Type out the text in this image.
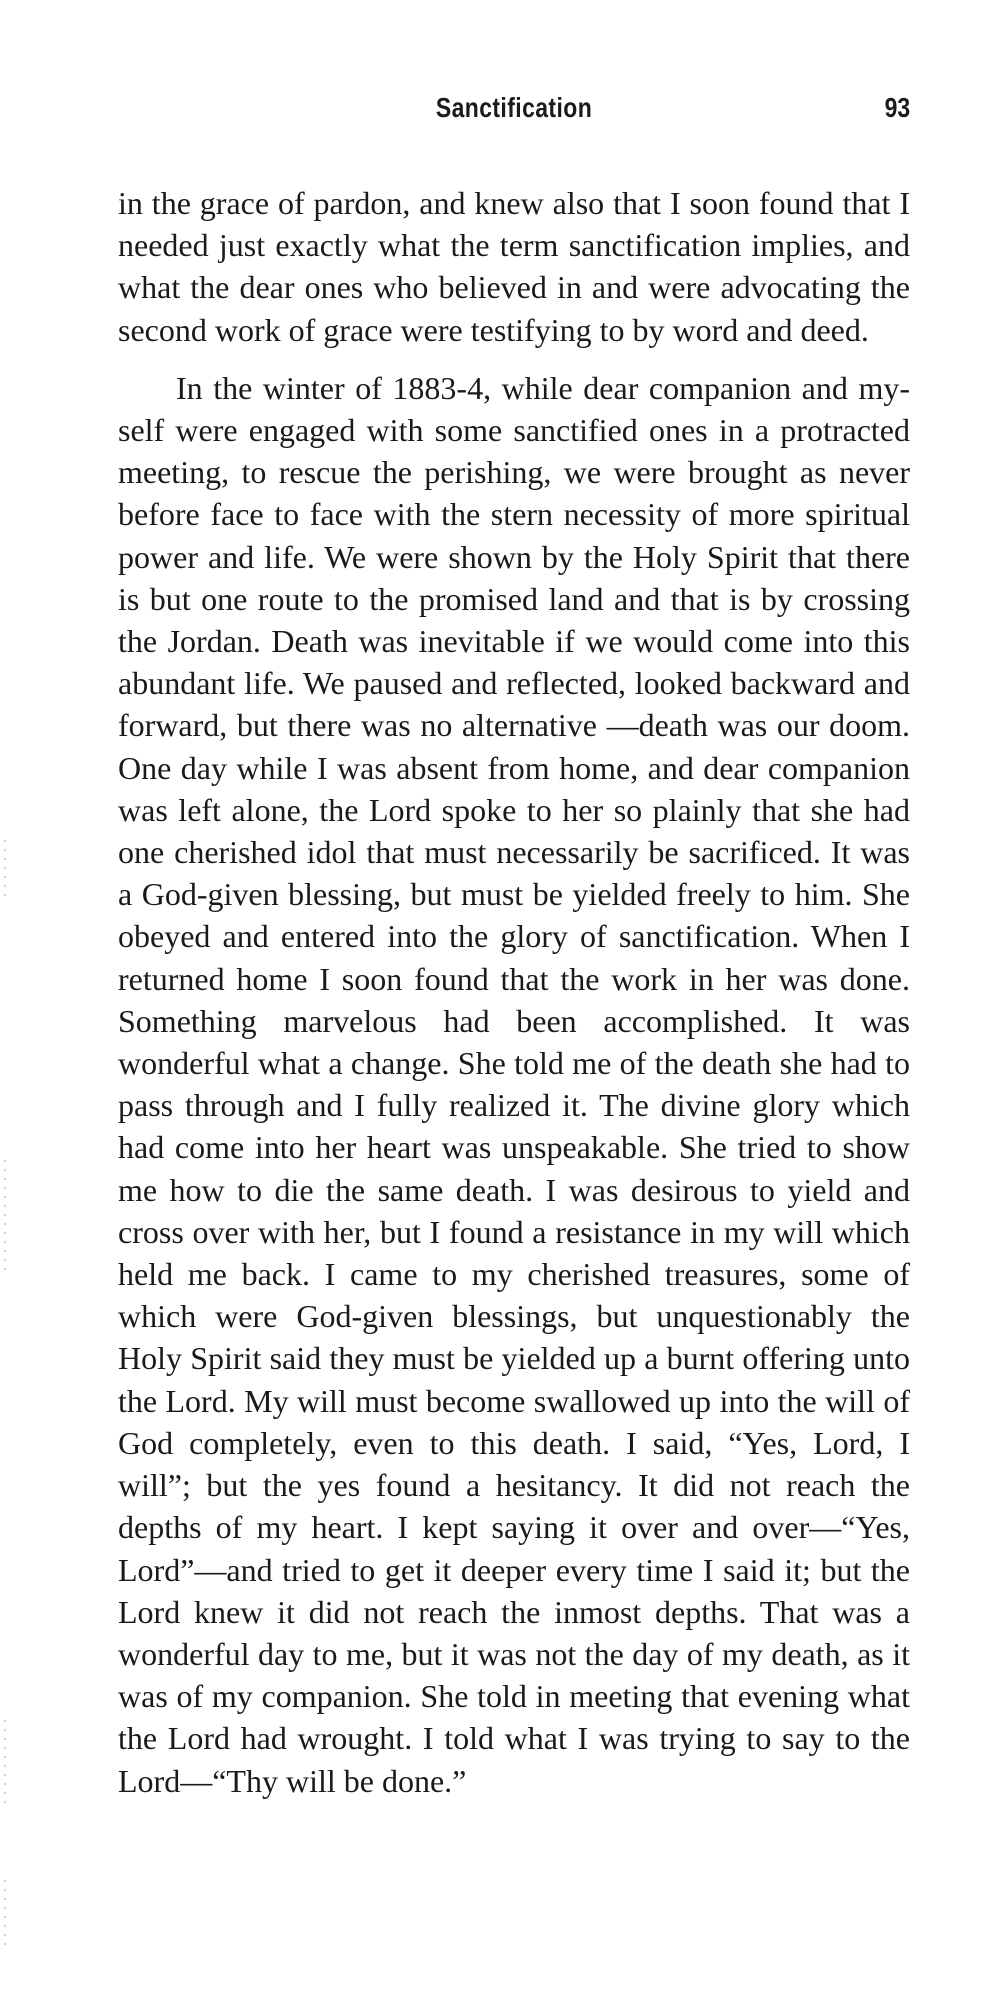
Sanctification	93

in the grace of pardon, and knew also that I soon found that I needed just exactly what the term sanctification implies, and what the dear ones who believed in and were advocating the second work of grace were testifying to by word and deed.

In the winter of 1883-4, while dear companion and myself were engaged with some sanctified ones in a protracted meeting, to rescue the perishing, we were brought as never before face to face with the stern necessity of more spiritual power and life. We were shown by the Holy Spirit that there is but one route to the promised land and that is by crossing the Jordan. Death was inevitable if we would come into this abundant life. We paused and reflected, looked backward and forward, but there was no alternative —death was our doom. One day while I was absent from home, and dear companion was left alone, the Lord spoke to her so plainly that she had one cherished idol that must necessarily be sacrificed. It was a God-given blessing, but must be yielded freely to him. She obeyed and entered into the glory of sanctification. When I returned home I soon found that the work in her was done. Something marvelous had been accomplished. It was wonderful what a change. She told me of the death she had to pass through and I fully realized it. The divine glory which had come into her heart was unspeakable. She tried to show me how to die the same death. I was desirous to yield and cross over with her, but I found a resistance in my will which held me back. I came to my cherished treasures, some of which were God-given blessings, but unquestionably the Holy Spirit said they must be yielded up a burnt offering unto the Lord. My will must become swallowed up into the will of God completely, even to this death. I said, “Yes, Lord, I will”; but the yes found a hesitancy. It did not reach the depths of my heart. I kept saying it over and over—“Yes, Lord”—and tried to get it deeper every time I said it; but the Lord knew it did not reach the inmost depths. That was a wonderful day to me, but it was not the day of my death, as it was of my companion. She told in meeting that evening what the Lord had wrought. I told what I was trying to say to the Lord—“Thy will be done.”
